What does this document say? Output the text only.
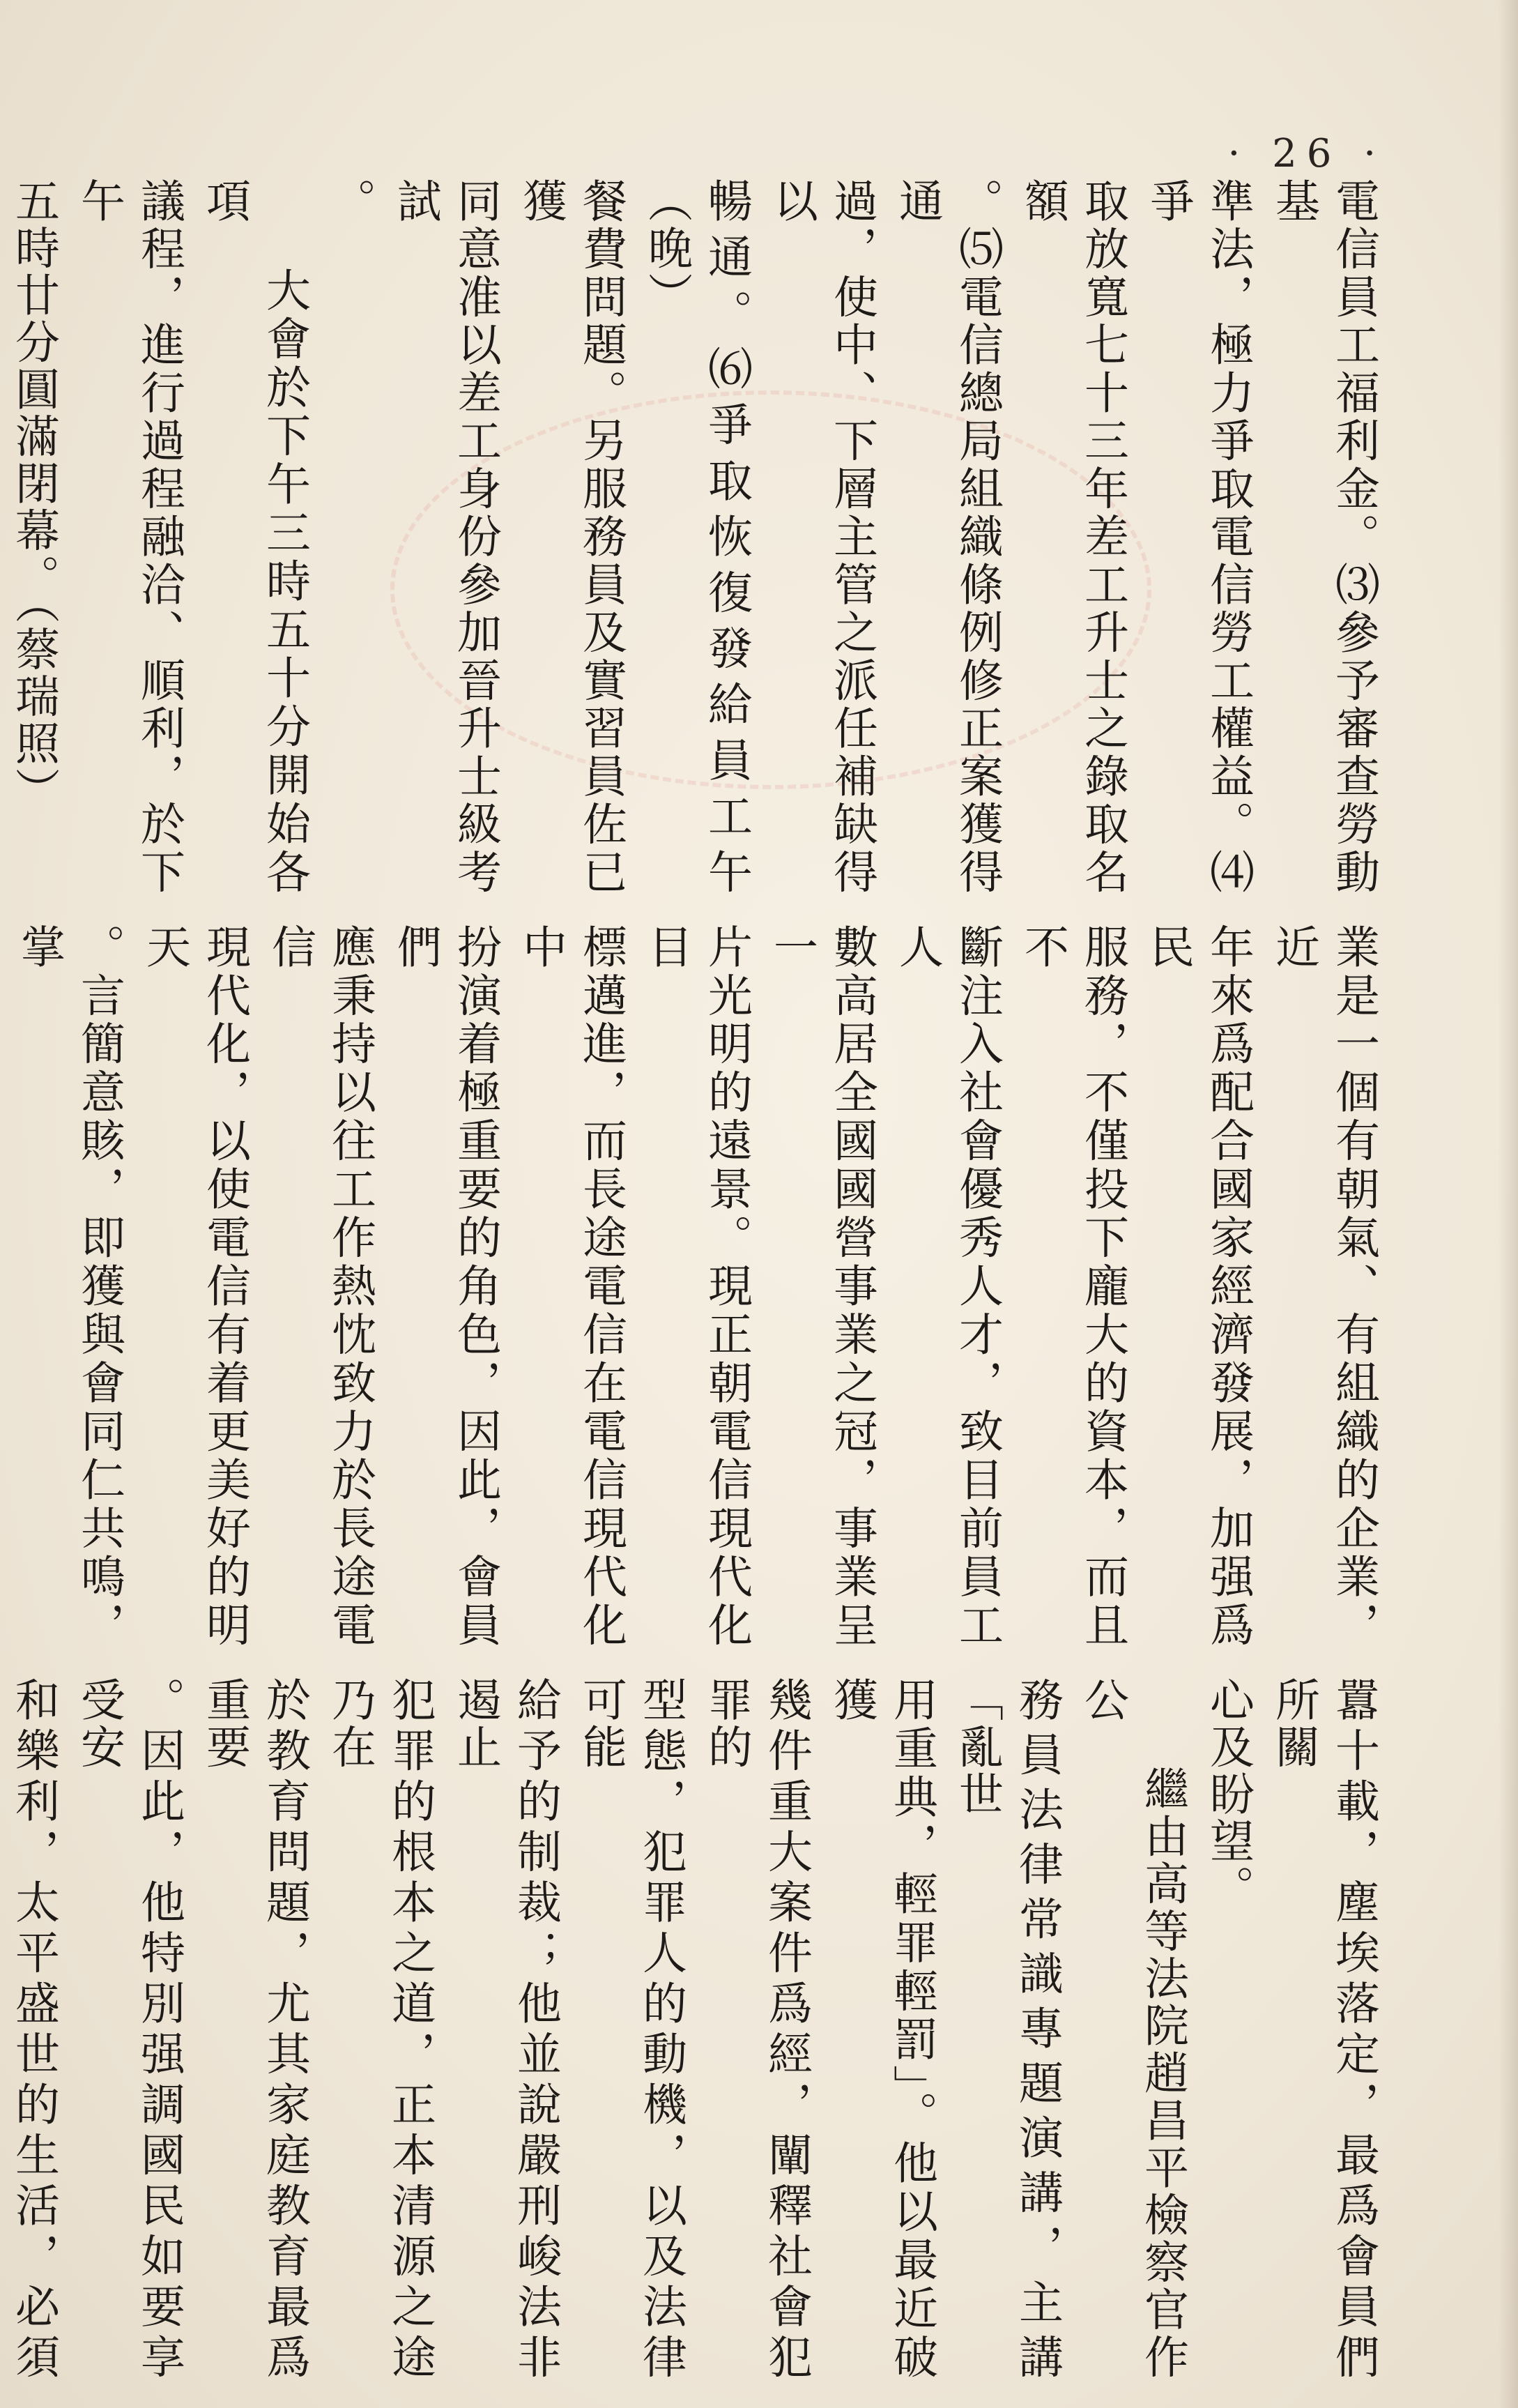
· 26 ·
電信員工福利金。⑶參予審查勞動基
準法，極力爭取電信勞工權益。⑷爭
取放寬七十三年差工升士之錄取名額
。⑸電信總局組織條例修正案獲得通
過，使中、下層主管之派任補缺得以
暢通。⑹爭取恢復發給員工午（晚）
餐費問題。另服務員及實習員佐已獲
同意准以差工身份參加晉升士級考試
。
大會於下午三時五十分開始各項
議程，進行過程融洽、順利，於下午
五時廿分圓滿閉幕。（蔡瑞照）
業是一個有朝氣、有組織的企業，近
年來爲配合國家經濟發展，加强爲民
服務，不僅投下龐大的資本，而且不
斷注入社會優秀人才，致目前員工人
數高居全國國營事業之冠，事業呈一
片光明的遠景。現正朝電信現代化目
標邁進，而長途電信在電信現代化中
扮演着極重要的角色，因此，會員們
應秉持以往工作熱忱致力於長途電信
現代化，以使電信有着更美好的明天
。言簡意賅，即獲與會同仁共鳴，掌
囂十載，塵埃落定，最爲會員們所關
心及盼望。
繼由高等法院趙昌平檢察官作公
務員法律常識專題演講，主講「亂世
用重典，輕罪輕罰」。他以最近破獲
幾件重大案件爲經，闡釋社會犯罪的
型態，犯罪人的動機，以及法律可能
給予的制裁；他並說嚴刑峻法非遏止
犯罪的根本之道，正本清源之途乃在
於教育問題，尤其家庭教育最爲重要
。因此，他特別强調國民如要享受安
和樂利，太平盛世的生活，必須
